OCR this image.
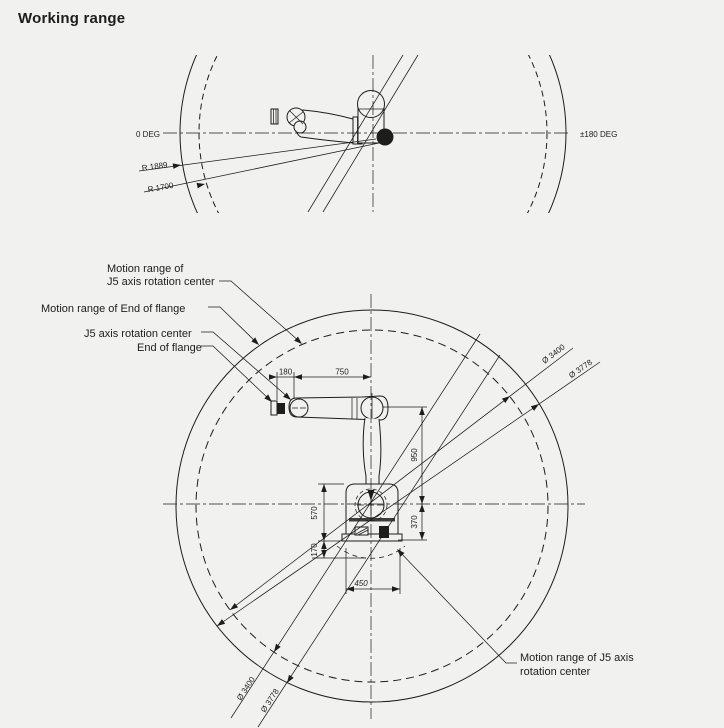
Working range
0 DEG	±180 DEG
R 1889
R 1700
Ø 3400
Ø 3778
Ø 3400 Ø 3778
180	750
950
370
570
170
450
Motion range of
J5 axis rotation center
Motion range of End of flange
J5 axis rotation center
End of flange
Motion range of J5 axis
rotation center
